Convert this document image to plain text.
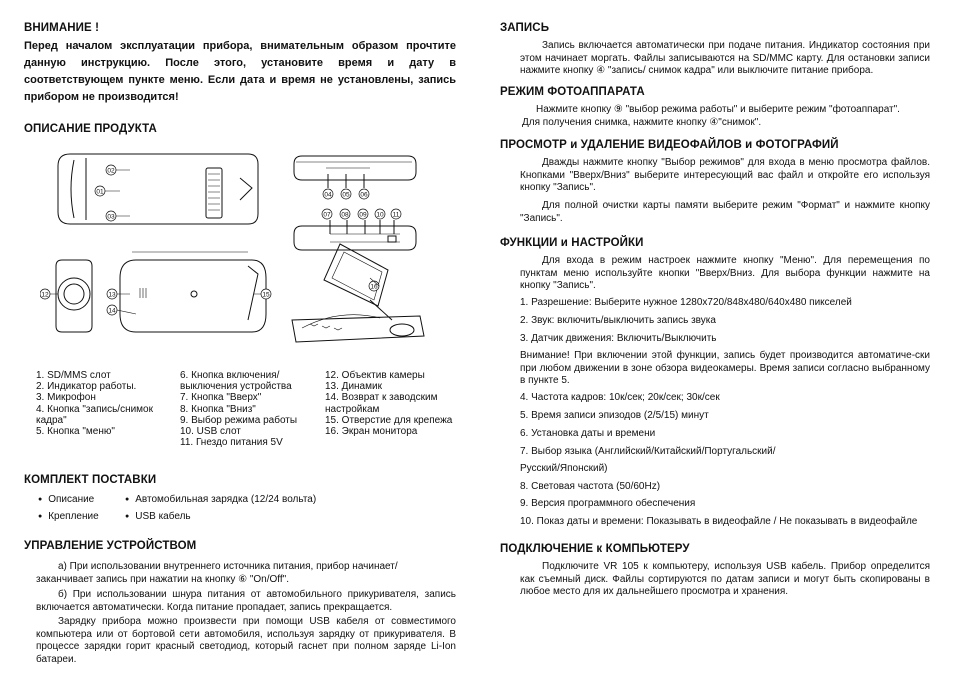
ВНИМАНИЕ !
Перед началом эксплуатации прибора, внимательным образом прочтите данную инструкцию. После этого, установите время и дату в соответствующем пункте меню. Если дата и время не установлены, запись прибором не производится!
ОПИСАНИЕ ПРОДУКТА
02
01
03
04 05 06
07 08 09 10 11
12	13
14
15
16
1. SD/MMS слот
2. Индикатор работы.
3. Микрофон
4. Кнопка "запись/снимок кадра"
5. Кнопка "меню"
6. Кнопка включения/ выключения устройства
7. Кнопка "Вверх"
8. Кнопка "Вниз"
9. Выбор режима работы
10. USB слот
11. Гнездо питания 5V
12. Объектив камеры
13. Динамик
14. Возврат к заводским настройкам
15. Отверстие для крепежа
16. Экран монитора
КОМПЛЕКТ ПОСТАВКИ
● Описание
● Крепление
● Автомобильная зарядка (12/24 вольта)
● USB кабель
УПРАВЛЕНИЕ УСТРОЙСТВОМ
а) При использовании внутреннего источника питания, прибор начинает/
заканчивает запись при нажатии на кнопку ⑥ "On/Off".
б) При использовании шнура питания от автомобильного прикуривателя, запись включается автоматически. Когда питание пропадает, запись прекращается.
Зарядку прибора можно произвести при помощи USB кабеля от совместимого компьютера или от бортовой сети автомобиля, используя зарядку от прикуривателя. В процессе зарядки горит красный светодиод, который гаснет при полном заряде Li-Ion батареи.
ЗАПИСЬ
Запись включается автоматически при подаче питания. Индикатор состояния при этом начинает моргать. Файлы записываются на SD/MMC карту. Для остановки записи нажмите кнопку ④ "запись/ снимок кадра" или выключите питание прибора.
РЕЖИМ ФОТОАППАРАТА
Нажмите кнопку ⑨ "выбор режима работы" и выберите режим "фотоаппарат".
Для получения снимка, нажмите кнопку ④"снимок".
ПРОСМОТР и УДАЛЕНИЕ ВИДЕОФАЙЛОВ и ФОТОГРАФИЙ
Дважды нажмите кнопку "Выбор режимов" для входа в меню просмотра файлов. Кнопками "Вверх/Вниз" выберите интересующий вас файл и откройте его используя кнопку "Запись".
Для полной очистки карты памяти выберите режим "Формат" и нажмите кнопку "Запись".
ФУНКЦИИ и НАСТРОЙКИ
Для входа в режим настроек нажмите кнопку "Меню". Для перемещения по пунктам меню используйте кнопки "Вверх/Вниз. Для выбора функции нажмите на кнопку "Запись".
1. Разрешение: Выберите нужное 1280x720/848x480/640x480 пикселей
2. Звук: включить/выключить запись звука
3. Датчик движения: Включить/Выключить
Внимание! При включении этой функции, запись будет производится автоматиче-ски при любом движении в зоне обзора видеокамеры. Время записи согласно выбранному в пункте 5.
4. Частота кадров: 10к/сек; 20к/сек; 30к/сек
5. Время записи эпизодов (2/5/15) минут
6. Установка даты и времени
7. Выбор языка (Английский/Китайский/Португальский/
Русский/Японский)
8. Световая частота (50/60Hz)
9. Версия программного обеспечения
10. Показ даты и времени: Показывать в видеофайле / Не показывать в видеофайле
ПОДКЛЮЧЕНИЕ к КОМПЬЮТЕРУ
Подключите VR 105 к компьютеру, используя USB кабель. Прибор определится как съемный диск. Файлы сортируются по датам записи и могут быть скопированы в любое место для их дальнейшего просмотра и хранения.
